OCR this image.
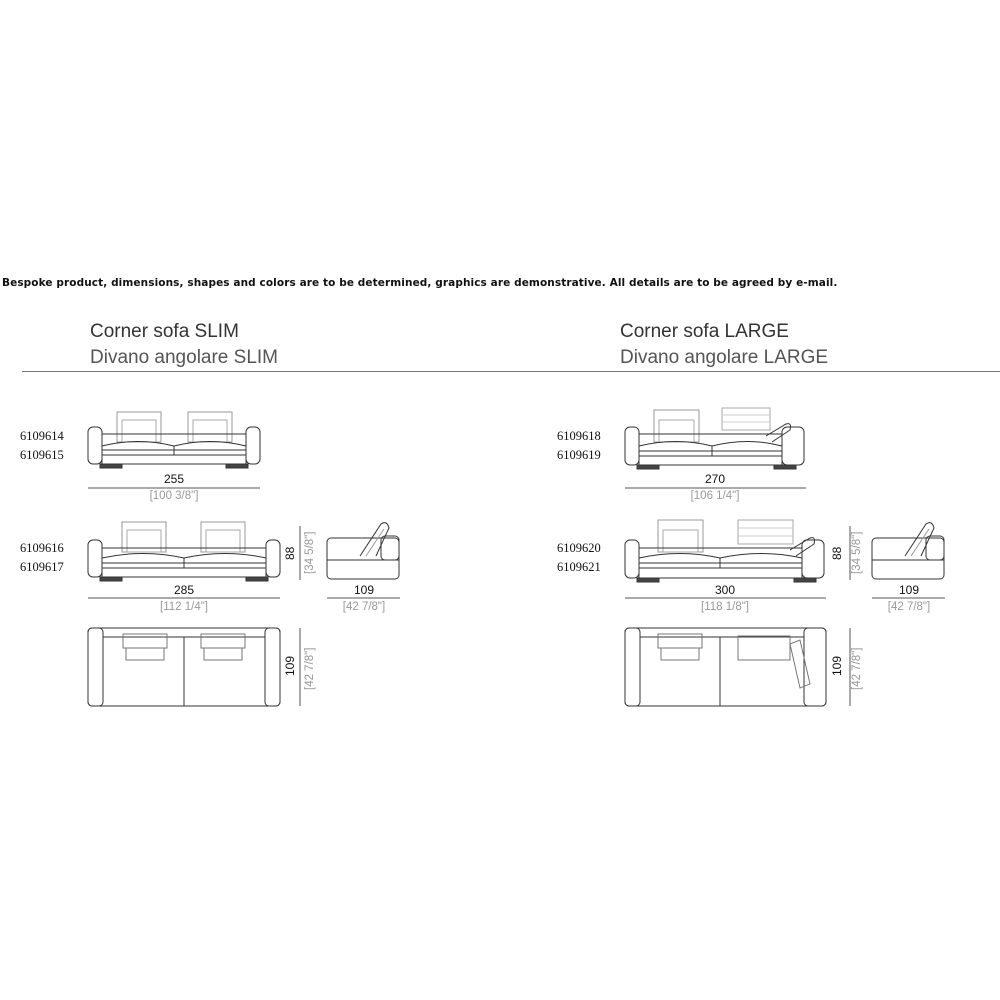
Bespoke product, dimensions, shapes and colors are to be determined, graphics are demonstrative. All details are to be agreed by e-mail.
Corner sofa SLIM
Divano angolare SLIM
Corner sofa LARGE
Divano angolare LARGE
6109614
6109615
6109616
6109617
6109618
6109619
6109620
6109621
255
[100 3/8"]
285
[112 1/4"]
88 [34 5/8"]
109
[42 7/8"]
109 [42 7/8"]
270
[106 1/4"]
300
[118 1/8"]
88 [34 5/8"]
109
[42 7/8"]
109 [42 7/8"]
